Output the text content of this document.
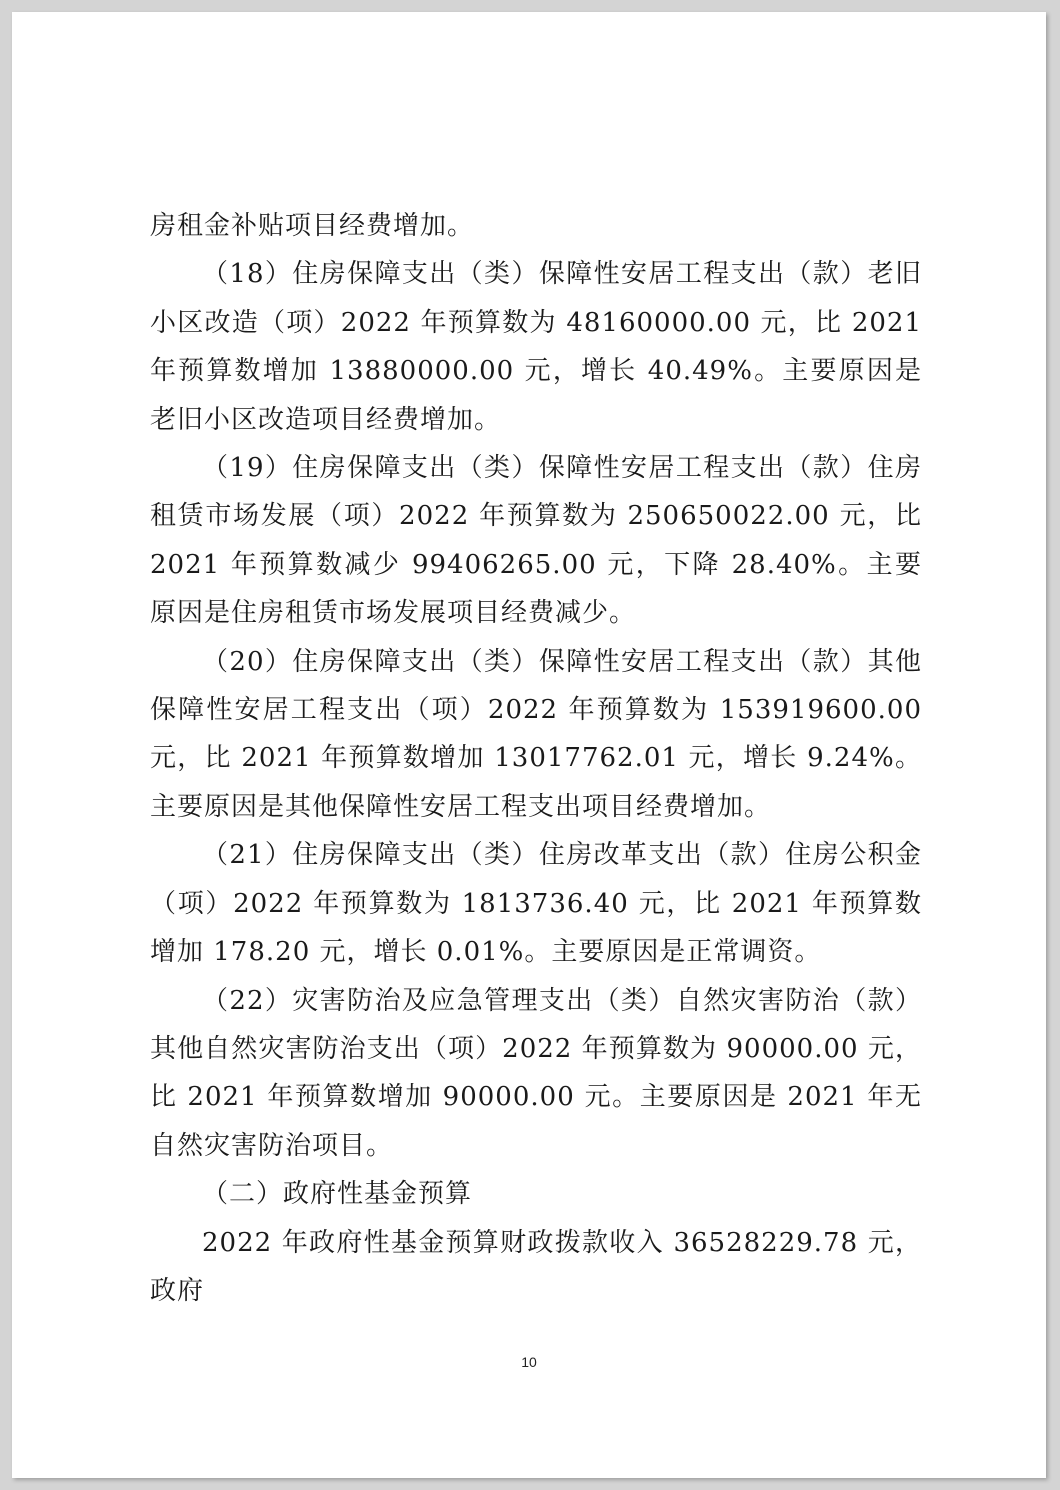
房租金补贴项目经费增加。

（18）住房保障支出（类）保障性安居工程支出（款）老旧小区改造（项）2022 年预算数为 48160000.00 元，比 2021 年预算数增加 13880000.00 元，增长 40.49%。主要原因是老旧小区改造项目经费增加。

（19）住房保障支出（类）保障性安居工程支出（款）住房租赁市场发展（项）2022 年预算数为 250650022.00 元，比 2021 年预算数减少 99406265.00 元，下降 28.40%。主要原因是住房租赁市场发展项目经费减少。

（20）住房保障支出（类）保障性安居工程支出（款）其他保障性安居工程支出（项）2022 年预算数为 153919600.00 元，比 2021 年预算数增加 13017762.01 元，增长 9.24%。主要原因是其他保障性安居工程支出项目经费增加。

（21）住房保障支出（类）住房改革支出（款）住房公积金（项）2022 年预算数为 1813736.40 元，比 2021 年预算数增加 178.20 元，增长 0.01%。主要原因是正常调资。

（22）灾害防治及应急管理支出（类）自然灾害防治（款）其他自然灾害防治支出（项）2022 年预算数为 90000.00 元，比 2021 年预算数增加 90000.00 元。主要原因是 2021 年无自然灾害防治项目。

（二）政府性基金预算

2022 年政府性基金预算财政拨款收入 36528229.78 元，政府

10
